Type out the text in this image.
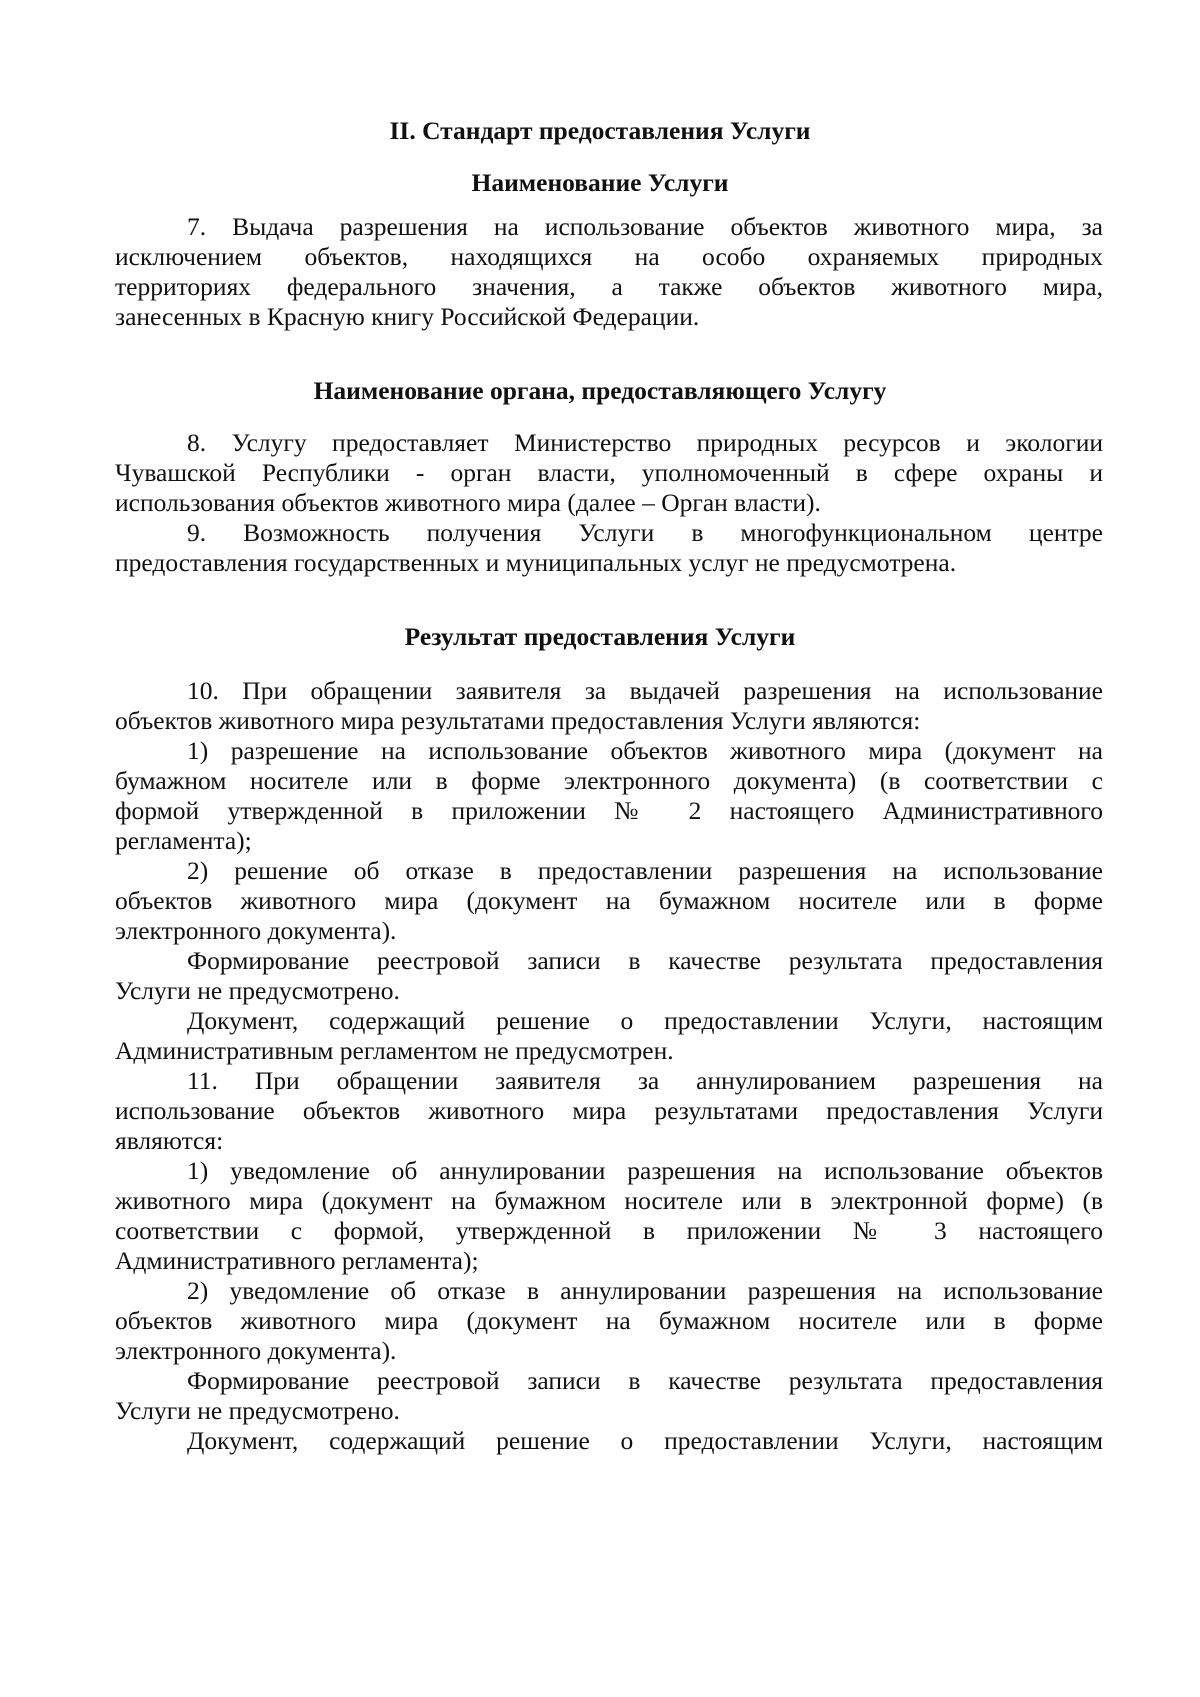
II. Стандарт предоставления Услуги
Наименование Услуги
7. Выдача разрешения на использование объектов животного мира, за
исключением объектов, находящихся на особо охраняемых природных
территориях федерального значения, а также объектов животного мира,
занесенных в Красную книгу Российской Федерации.
Наименование органа, предоставляющего Услугу
8. Услугу предоставляет Министерство природных ресурсов и экологии
Чувашской Республики - орган власти, уполномоченный в сфере охраны и
использования объектов животного мира (далее – Орган власти).
9. Возможность получения Услуги в многофункциональном центре
предоставления государственных и муниципальных услуг не предусмотрена.
Результат предоставления Услуги
10. При обращении заявителя за выдачей разрешения на использование
объектов животного мира результатами предоставления Услуги являются:
1) разрешение на использование объектов животного мира (документ на
бумажном носителе или в форме электронного документа) (в соответствии с
формой утвержденной в приложении № 2 настоящего Административного
регламента);
2) решение об отказе в предоставлении разрешения на использование
объектов животного мира (документ на бумажном носителе или в форме
электронного документа).
Формирование реестровой записи в качестве результата предоставления
Услуги не предусмотрено.
Документ, содержащий решение о предоставлении Услуги, настоящим
Административным регламентом не предусмотрен.
11. При обращении заявителя за аннулированием разрешения на
использование объектов животного мира результатами предоставления Услуги
являются:
1) уведомление об аннулировании разрешения на использование объектов
животного мира (документ на бумажном носителе или в электронной форме) (в
соответствии с формой, утвержденной в приложении № 3 настоящего
Административного регламента);
2) уведомление об отказе в аннулировании разрешения на использование
объектов животного мира (документ на бумажном носителе или в форме
электронного документа).
Формирование реестровой записи в качестве результата предоставления
Услуги не предусмотрено.
Документ, содержащий решение о предоставлении Услуги, настоящим
